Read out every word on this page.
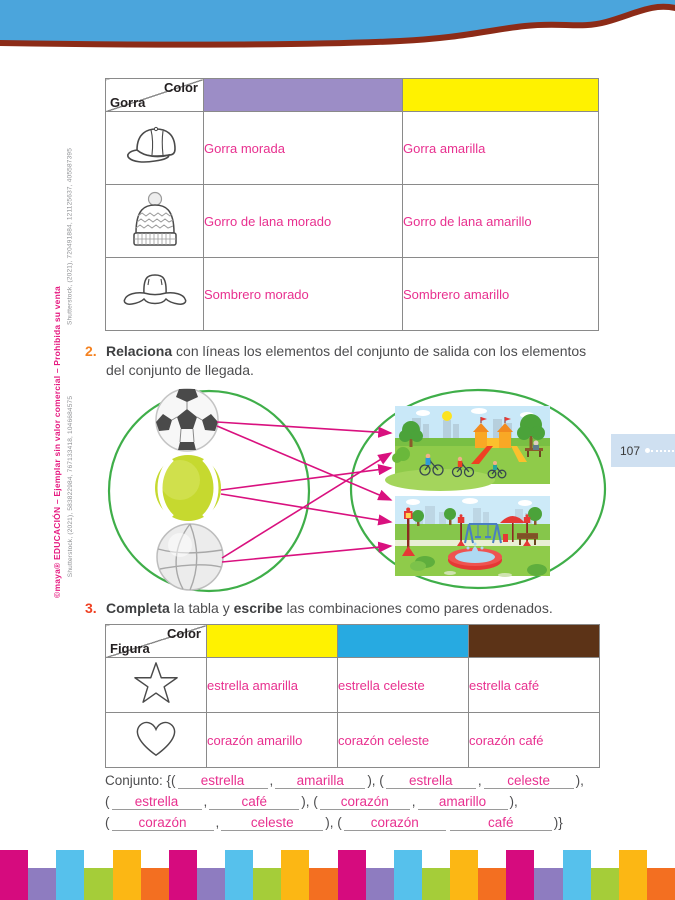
©maya® EDUCACIÓN – Ejemplar sin valor comercial – Prohibida su venta
Shutterstock, (2021), 720491884, 121125637, 405587395
Shutterstock, (2021), 583822984, 767133418, 1046684575
Color
Gorra		

	Gorra morada	Gorra amarilla
	Gorro de lana morado	Gorro de lana amarillo
	Sombrero morado	Sombrero amarillo
2. Relaciona con líneas los elementos del conjunto de salida con los elementos del conjunto de llegada.
107
3. Completa la tabla y escribe las combinaciones como pares ordenados.
Color
Figura			

	estrella amarilla	estrella celeste	estrella café
	corazón amarillo	corazón celeste	corazón café
Conjunto: {( estrella , amarilla ), ( estrella , celeste ),
( estrella ,	café	), ( corazón , amarillo ),
( corazón , celeste ), ( corazón	café	)}
